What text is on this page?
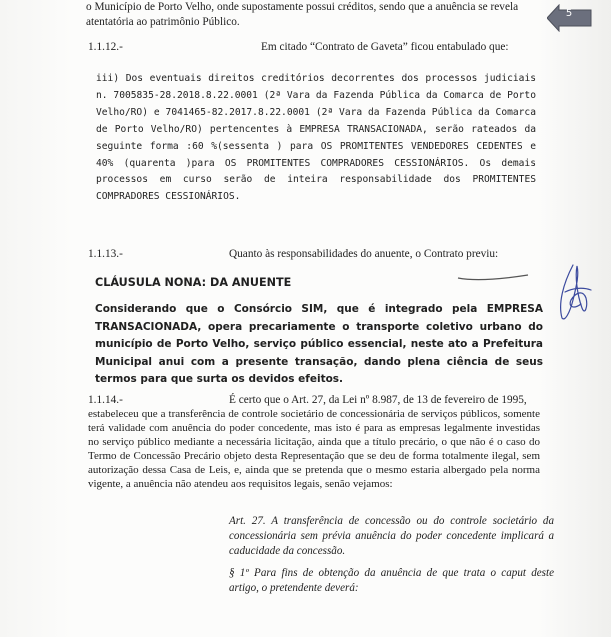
o Município de Porto Velho, onde supostamente possui créditos, sendo que a anuência se revela

atentatória ao patrimônio Público.

5
1.1.12.-	Em citado “Contrato de Gaveta” ficou entabulado que:
iii) Dos eventuais direitos creditórios decorrentes dos processos judiciais n. 7005835-28.2018.8.22.0001 (2ª Vara da Fazenda Pública da Comarca de Porto Velho/RO) e 7041465-82.2017.8.22.0001 (2ª Vara da Fazenda Pública da Comarca de Porto Velho/RO) pertencentes à EMPRESA TRANSACIONADA, serão rateados da seguinte forma :60 %(sessenta ) para OS PROMITENTES VENDEDORES CEDENTES e 40% (quarenta )para OS PROMITENTES COMPRADORES CESSIONÁRIOS. Os demais processos em curso serão de inteira responsabilidade dos PROMITENTES COMPRADORES CESSIONÁRIOS.
1.1.13.-	Quanto às responsabilidades do anuente, o Contrato previu:
CLÁUSULA NONA: DA ANUENTE
Considerando que o Consórcio SIM, que é integrado pela EMPRESA TRANSACIONADA, opera precariamente o transporte coletivo urbano do município de Porto Velho, serviço público essencial, neste ato a Prefeitura Municipal anui com a presente transação, dando plena ciência de seus termos para que surta os devidos efeitos.
1.1.14.-	É certo que o Art. 27, da Lei nº 8.987, de 13 de fevereiro de 1995,

estabeleceu que a transferência de controle societário de concessionária de serviços públicos, somente terá validade com anuência do poder concedente, mas isto é para as empresas legalmente investidas no serviço público mediante a necessária licitação, ainda que a título precário, o que não é o caso do Termo de Concessão Precário objeto desta Representação que se deu de forma totalmente ilegal, sem autorização dessa Casa de Leis, e, ainda que se pretenda que o mesmo estaria albergado pela norma vigente, a anuência não atendeu aos requisitos legais, senão vejamos:

Art. 27. A transferência de concessão ou do controle societário da concessionária sem prévia anuência do poder concedente implicará a caducidade da concessão.
§ 1º Para fins de obtenção da anuência de que trata o caput deste artigo, o pretendente deverá:
